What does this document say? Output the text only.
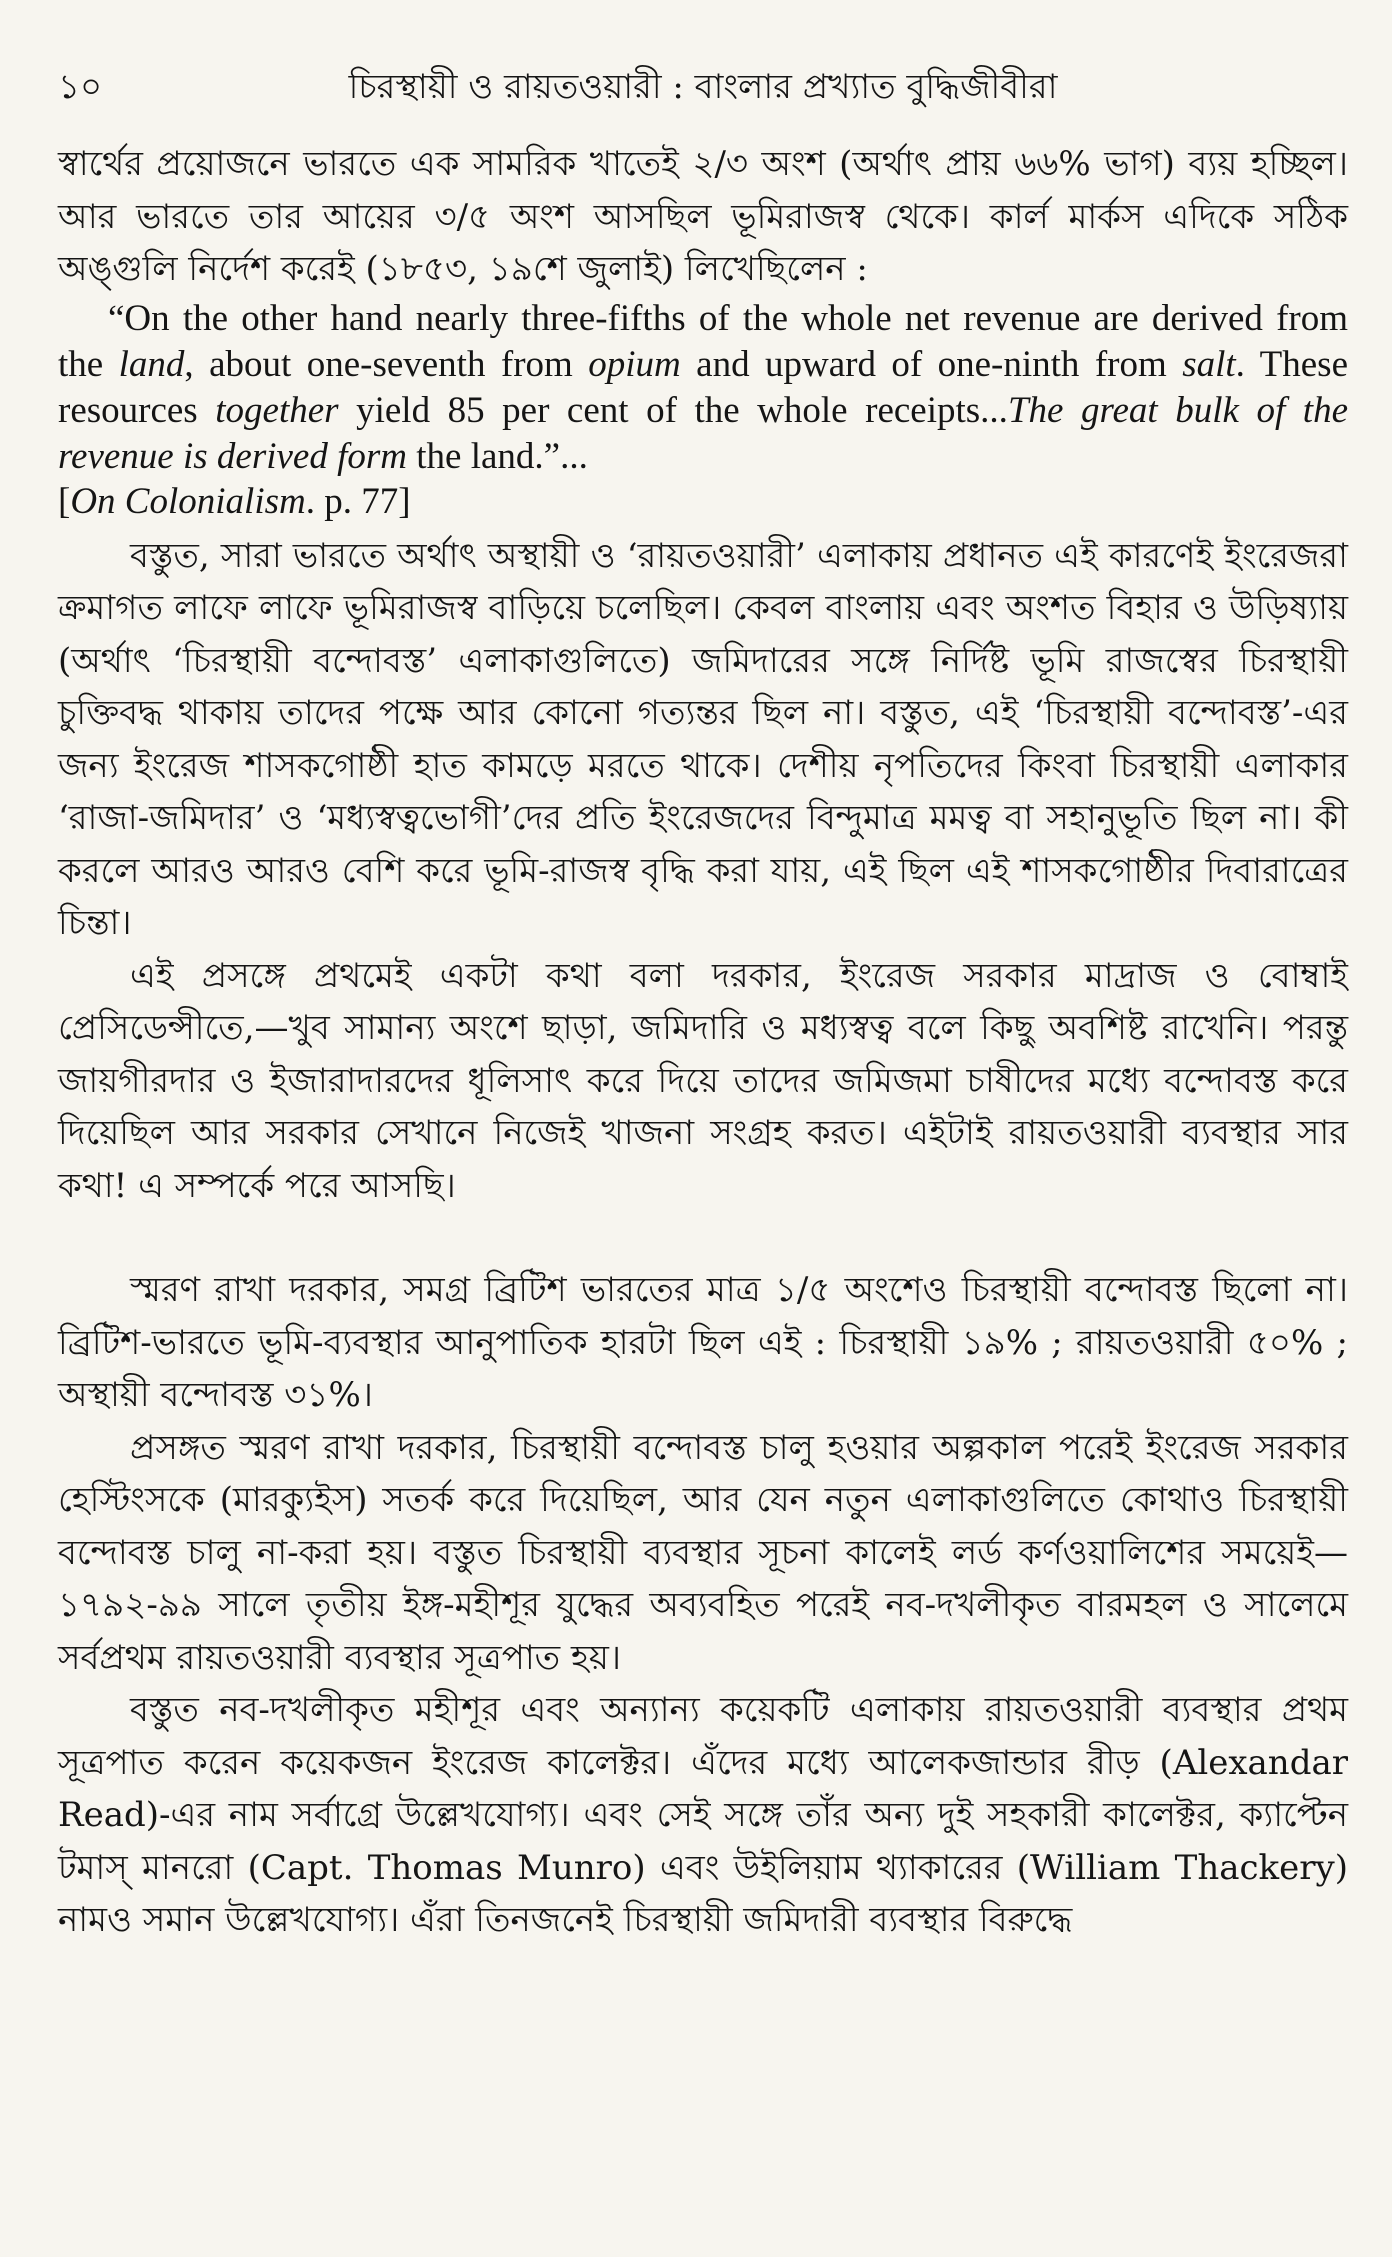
১০	চিরস্থায়ী ও রায়তওয়ারী : বাংলার প্রখ্যাত বুদ্ধিজীবীরা

স্বার্থের প্রয়োজনে ভারতে এক সামরিক খাতেই ২/৩ অংশ (অর্থাৎ প্রায় ৬৬% ভাগ) ব্যয় হচ্ছিল। আর ভারতে তার আয়ের ৩/৫ অংশ আসছিল ভূমিরাজস্ব থেকে। কার্ল মার্কস এদিকে সঠিক অঙ্গুলি নির্দেশ করেই (১৮৫৩, ১৯শে জুলাই) লিখেছিলেন :

“On the other hand nearly three-fifths of the whole net revenue are derived from the land, about one-seventh from opium and upward of one-ninth from salt. These resources together yield 85 per cent of the whole receipts...The great bulk of the revenue is derived form the land.”...

[On Colonialism. p. 77]

বস্তুত, সারা ভারতে অর্থাৎ অস্থায়ী ও ‘রায়তওয়ারী’ এলাকায় প্রধানত এই কারণেই ইংরেজরা ক্রমাগত লাফে লাফে ভূমিরাজস্ব বাড়িয়ে চলেছিল। কেবল বাংলায় এবং অংশত বিহার ও উড়িষ্যায় (অর্থাৎ ‘চিরস্থায়ী বন্দোবস্ত’ এলাকাগুলিতে) জমিদারের সঙ্গে নির্দিষ্ট ভূমি রাজস্বের চিরস্থায়ী চুক্তিবদ্ধ থাকায় তাদের পক্ষে আর কোনো গত্যন্তর ছিল না। বস্তুত, এই ‘চিরস্থায়ী বন্দোবস্ত’-এর জন্য ইংরেজ শাসকগোষ্ঠী হাত কামড়ে মরতে থাকে। দেশীয় নৃপতিদের কিংবা চিরস্থায়ী এলাকার ‘রাজা-জমিদার’ ও ‘মধ্যস্বত্বভোগী’দের প্রতি ইংরেজদের বিন্দুমাত্র মমত্ব বা সহানুভূতি ছিল না। কী করলে আরও আরও বেশি করে ভূমি-রাজস্ব বৃদ্ধি করা যায়, এই ছিল এই শাসকগোষ্ঠীর দিবারাত্রের চিন্তা।

এই প্রসঙ্গে প্রথমেই একটা কথা বলা দরকার, ইংরেজ সরকার মাদ্রাজ ও বোম্বাই প্রেসিডেন্সীতে,—খুব সামান্য অংশে ছাড়া, জমিদারি ও মধ্যস্বত্ব বলে কিছু অবশিষ্ট রাখেনি। পরন্তু জায়গীরদার ও ইজারাদারদের ধূলিসাৎ করে দিয়ে তাদের জমিজমা চাষীদের মধ্যে বন্দোবস্ত করে দিয়েছিল আর সরকার সেখানে নিজেই খাজনা সংগ্রহ করত। এইটাই রায়তওয়ারী ব্যবস্থার সার কথা! এ সম্পর্কে পরে আসছি।

স্মরণ রাখা দরকার, সমগ্র ব্রিটিশ ভারতের মাত্র ১/৫ অংশেও চিরস্থায়ী বন্দোবস্ত ছিলো না। ব্রিটিশ-ভারতে ভূমি-ব্যবস্থার আনুপাতিক হারটা ছিল এই : চিরস্থায়ী ১৯% ; রায়তওয়ারী ৫০% ; অস্থায়ী বন্দোবস্ত ৩১%।

প্রসঙ্গত স্মরণ রাখা দরকার, চিরস্থায়ী বন্দোবস্ত চালু হওয়ার অল্পকাল পরেই ইংরেজ সরকার হেস্টিংসকে (মারক্যুইস) সতর্ক করে দিয়েছিল, আর যেন নতুন এলাকাগুলিতে কোথাও চিরস্থায়ী বন্দোবস্ত চালু না-করা হয়। বস্তুত চিরস্থায়ী ব্যবস্থার সূচনা কালেই লর্ড কর্ণওয়ালিশের সময়েই—১৭৯২-৯৯ সালে তৃতীয় ইঙ্গ-মহীশূর যুদ্ধের অব্যবহিত পরেই নব-দখলীকৃত বারমহল ও সালেমে সর্বপ্রথম রায়তওয়ারী ব্যবস্থার সূত্রপাত হয়।

বস্তুত নব-দখলীকৃত মহীশূর এবং অন্যান্য কয়েকটি এলাকায় রায়তওয়ারী ব্যবস্থার প্রথম সূত্রপাত করেন কয়েকজন ইংরেজ কালেক্টর। এঁদের মধ্যে আলেকজান্ডার রীড় (Alexandar Read)-এর নাম সর্বাগ্রে উল্লেখযোগ্য। এবং সেই সঙ্গে তাঁর অন্য দুই সহকারী কালেক্টর, ক্যাপ্টেন টমাস্ মানরো (Capt. Thomas Munro) এবং উইলিয়াম থ্যাকারের (William Thackery) নামও সমান উল্লেখযোগ্য। এঁরা তিনজনেই চিরস্থায়ী জমিদারী ব্যবস্থার বিরুদ্ধে
